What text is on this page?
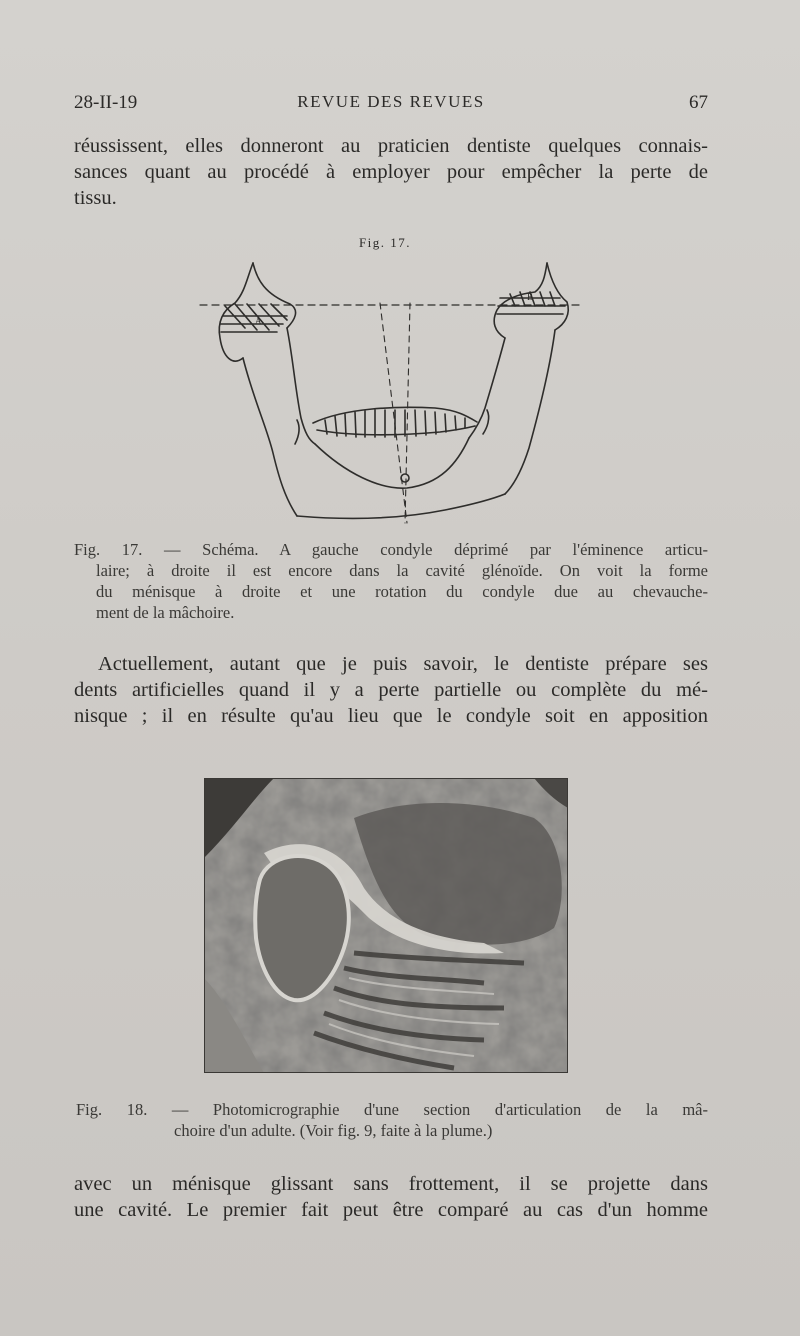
28-II-19	REVUE DES REVUES	67
réussissent, elles donneront au praticien dentiste quelques connais-
sances quant au procédé à employer pour empêcher la perte de
tissu.
Fig. 17.
A
B
Fig. 17. — Schéma. A gauche condyle déprimé par l'éminence articu-
laire; à droite il est encore dans la cavité glénoïde. On voit la forme
du ménisque à droite et une rotation du condyle due au chevauche-
ment de la mâchoire.
Actuellement, autant que je puis savoir, le dentiste prépare ses
dents artificielles quand il y a perte partielle ou complète du mé-
nisque ; il en résulte qu'au lieu que le condyle soit en apposition
Fig. 18. — Photomicrographie d'une section d'articulation de la mâ-
choire d'un adulte. (Voir fig. 9, faite à la plume.)
avec un ménisque glissant sans frottement, il se projette dans
une cavité. Le premier fait peut être comparé au cas d'un homme
